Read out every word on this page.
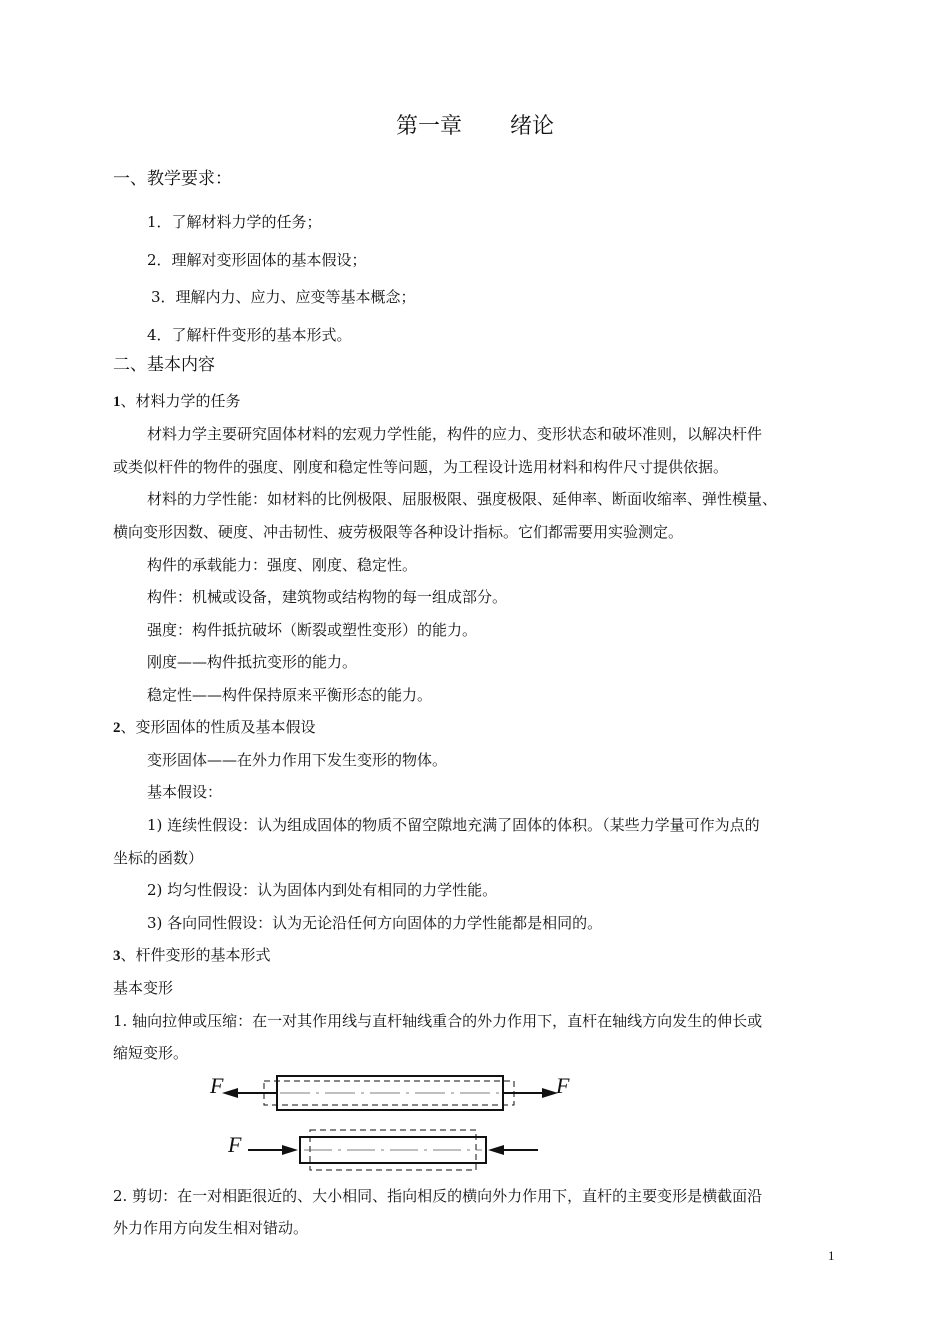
第一章 绪论
一、教学要求：
1．了解材料力学的任务；
2．理解对变形固体的基本假设；
3．理解内力、应力、应变等基本概念；
4．了解杆件变形的基本形式。
二、基本内容
1、材料力学的任务
材料力学主要研究固体材料的宏观力学性能，构件的应力、变形状态和破坏准则，以解决杆件
或类似杆件的物件的强度、刚度和稳定性等问题，为工程设计选用材料和构件尺寸提供依据。
材料的力学性能：如材料的比例极限、屈服极限、强度极限、延伸率、断面收缩率、弹性模量、
横向变形因数、硬度、冲击韧性、疲劳极限等各种设计指标。它们都需要用实验测定。
构件的承载能力：强度、刚度、稳定性。
构件：机械或设备，建筑物或结构物的每一组成部分。
强度：构件抵抗破坏（断裂或塑性变形）的能力。
刚度——构件抵抗变形的能力。
稳定性——构件保持原来平衡形态的能力。
2、变形固体的性质及基本假设
变形固体——在外力作用下发生变形的物体。
基本假设：
1) 连续性假设：认为组成固体的物质不留空隙地充满了固体的体积。（某些力学量可作为点的
坐标的函数）
2) 均匀性假设：认为固体内到处有相同的力学性能。
3) 各向同性假设：认为无论沿任何方向固体的力学性能都是相同的。
3、杆件变形的基本形式
基本变形
1. 轴向拉伸或压缩：在一对其作用线与直杆轴线重合的外力作用下，直杆在轴线方向发生的伸长或
缩短变形。
F	F
F
2. 剪切：在一对相距很近的、大小相同、指向相反的横向外力作用下，直杆的主要变形是横截面沿
外力作用方向发生相对错动。
1
